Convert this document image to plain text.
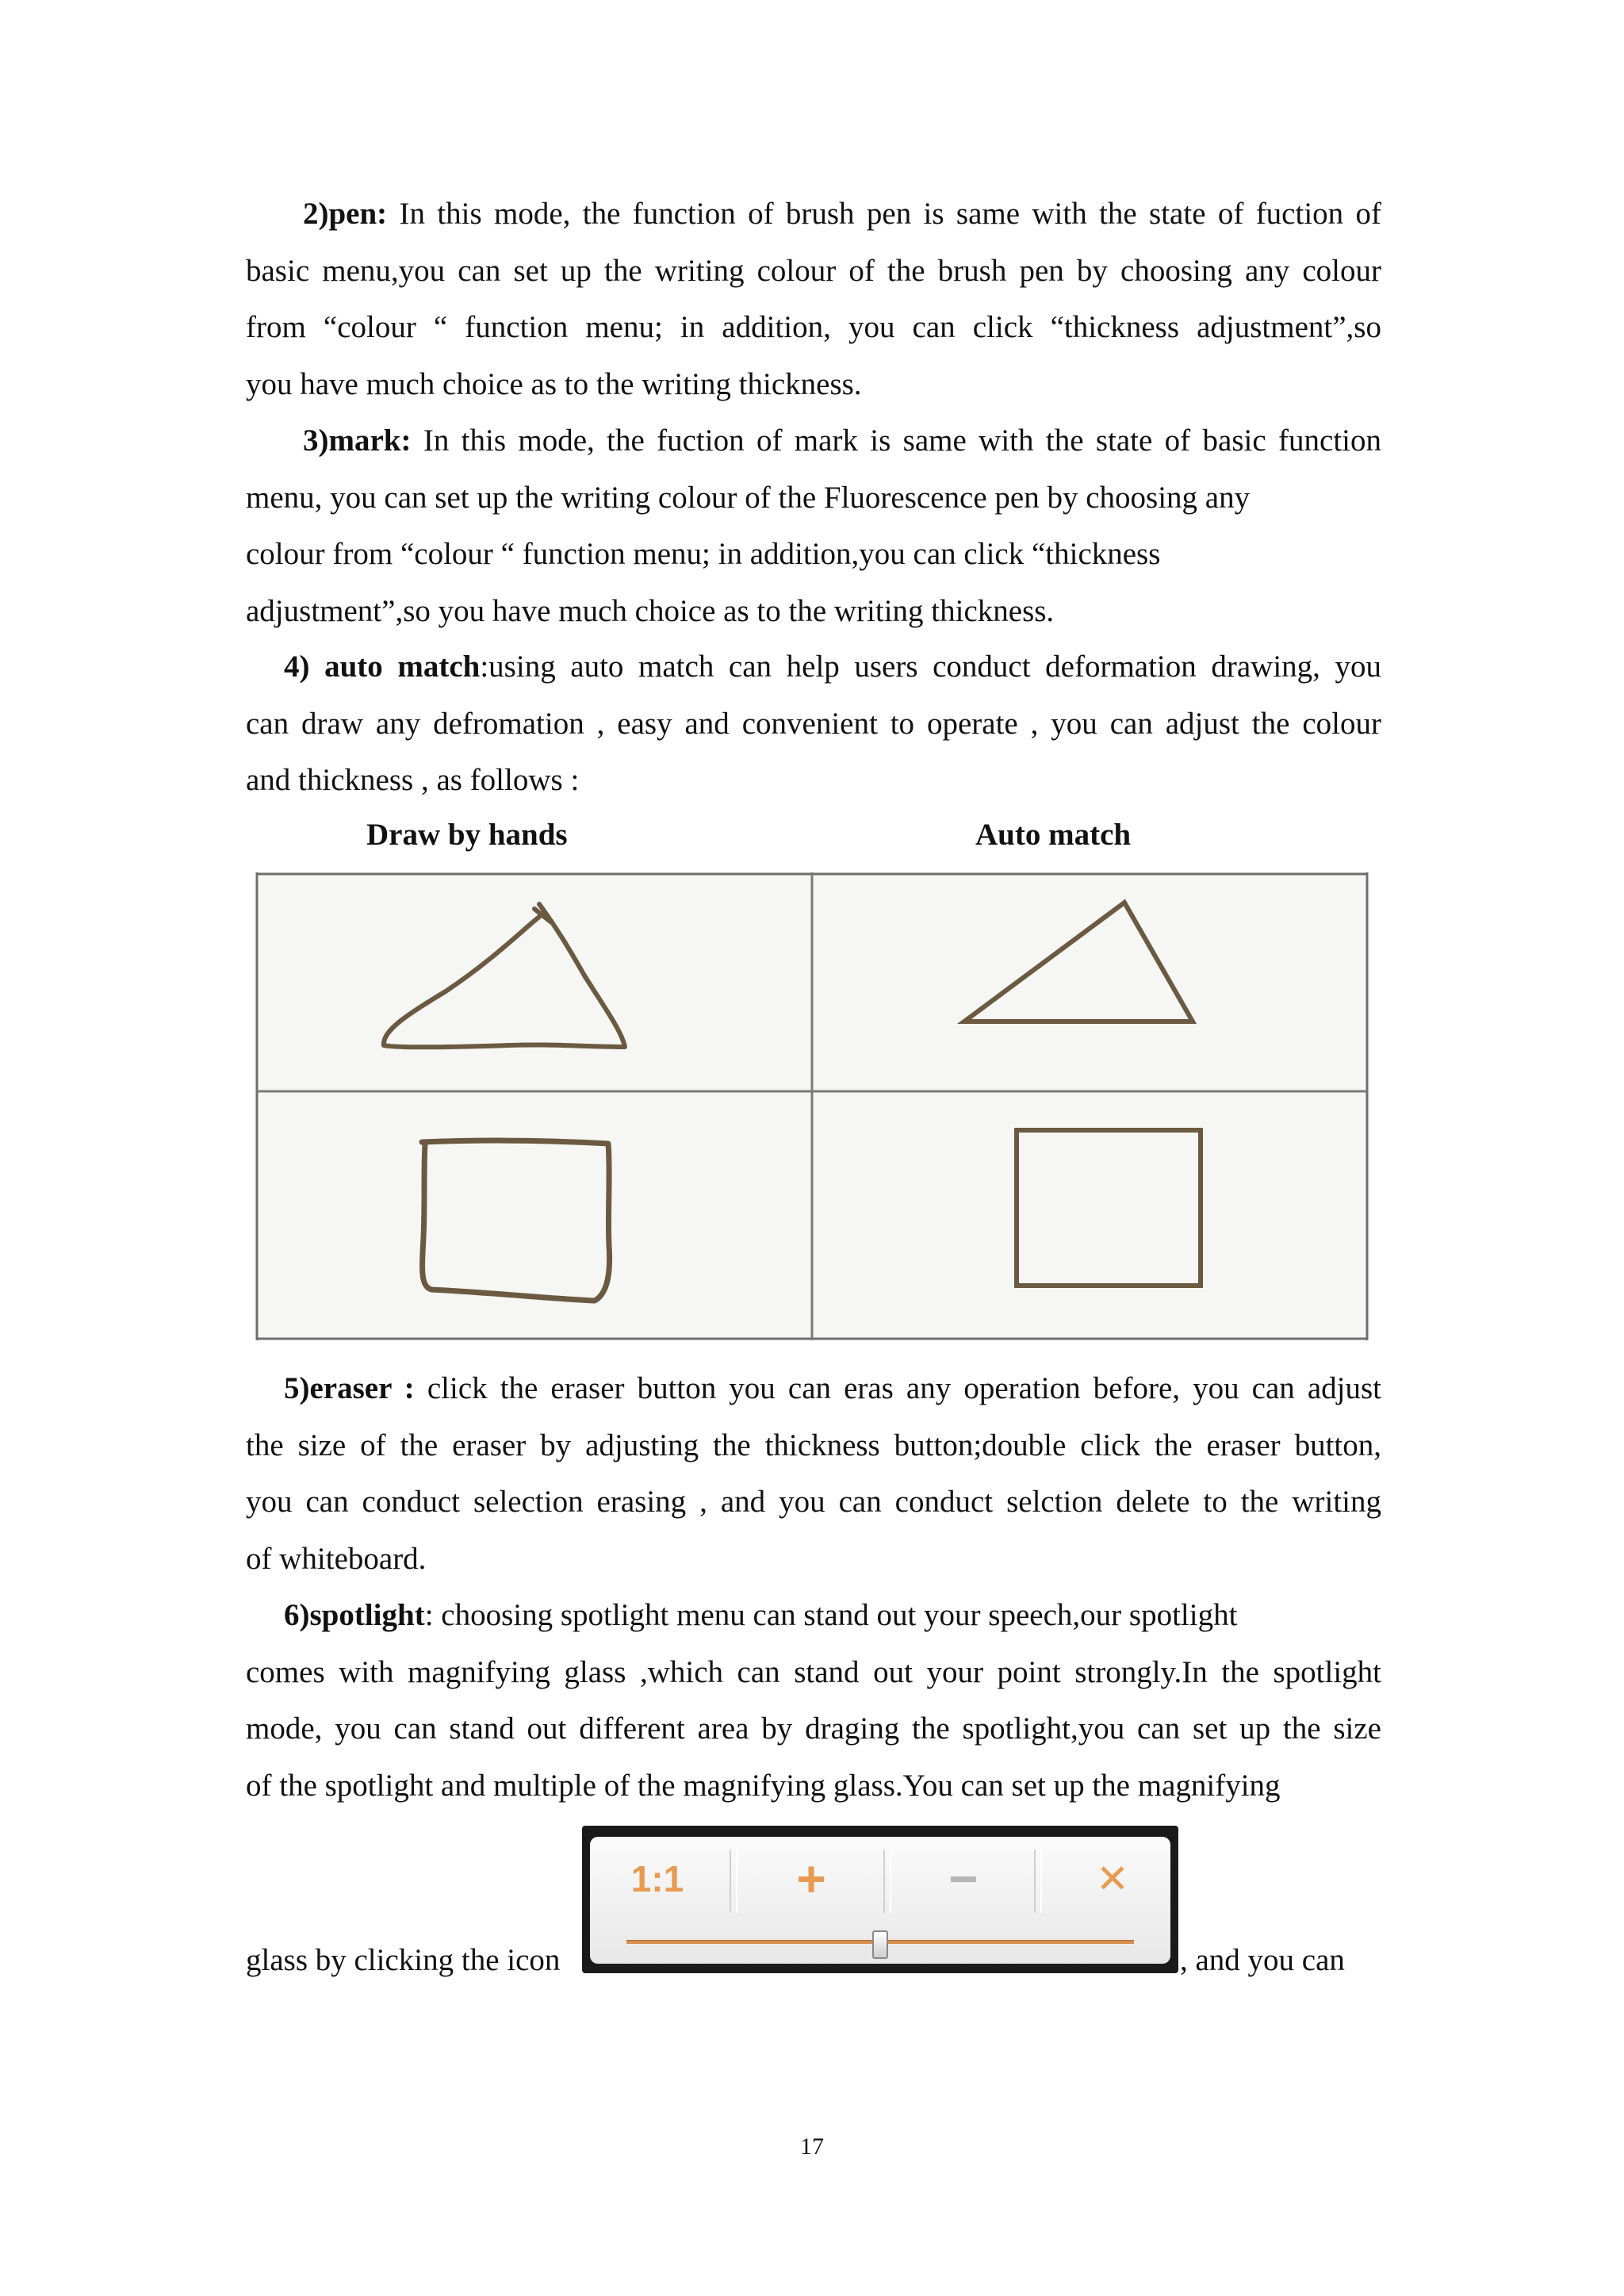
2)pen: In this mode, the function of brush pen is same with the state of fuction of
basic menu,you can set up the writing colour of the brush pen by choosing any colour
from “colour “ function menu; in addition, you can click “thickness adjustment”,so
you have much choice as to the writing thickness.
3)mark: In this mode, the fuction of mark is same with the state of basic function
menu, you can set up the writing colour of the Fluorescence pen by choosing any
colour from “colour “ function menu; in addition,you can click “thickness
adjustment”,so you have much choice as to the writing thickness.
4) auto match:using auto match can help users conduct deformation drawing, you
can draw any defromation , easy and convenient to operate , you can adjust the colour
and thickness , as follows :
Draw by hands	Auto match
5)eraser : click the eraser button you can eras any operation before, you can adjust
the size of the eraser by adjusting the thickness button;double click the eraser button,
you can conduct selection erasing , and you can conduct selction delete to the writing
of whiteboard.
6)spotlight: choosing spotlight menu can stand out your speech,our spotlight
comes with magnifying glass ,which can stand out your point strongly.In the spotlight
mode, you can stand out different area by draging the spotlight,you can set up the size
of the spotlight and multiple of the magnifying glass.You can set up the magnifying
glass by clicking the icon
1:1	+	−	✕
, and you can
17
